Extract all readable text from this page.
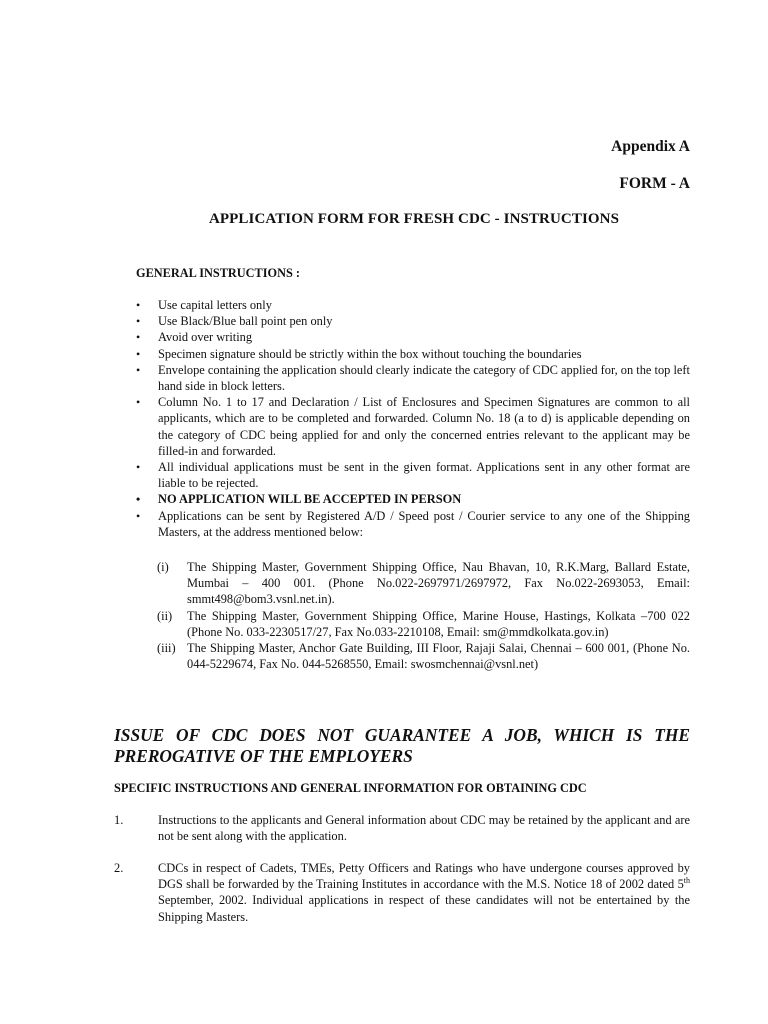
Appendix A
FORM - A
APPLICATION FORM FOR FRESH CDC - INSTRUCTIONS
GENERAL INSTRUCTIONS :
• Use capital letters only
• Use Black/Blue ball point pen only
• Avoid over writing
• Specimen signature should be strictly within the box without touching the boundaries
• Envelope containing the application should clearly indicate the category of CDC applied for, on the top left hand side in block letters.
• Column No. 1 to 17 and Declaration / List of Enclosures and Specimen Signatures are common to all applicants, which are to be completed and forwarded. Column No. 18 (a to d) is applicable depending on the category of CDC being applied for and only the concerned entries relevant to the applicant may be filled-in and forwarded.
• All individual applications must be sent in the given format. Applications sent in any other format are liable to be rejected.
• NO APPLICATION WILL BE ACCEPTED IN PERSON
• Applications can be sent by Registered A/D / Speed post / Courier service to any one of the Shipping Masters, at the address mentioned below:
(i) The Shipping Master, Government Shipping Office, Nau Bhavan, 10, R.K.Marg, Ballard Estate, Mumbai – 400 001. (Phone No.022-2697971/2697972, Fax No.022-2693053, Email: smmt498@bom3.vsnl.net.in).
(ii) The Shipping Master, Government Shipping Office, Marine House, Hastings, Kolkata –700 022 (Phone No. 033-2230517/27, Fax No.033-2210108, Email: sm@mmdkolkata.gov.in)
(iii) The Shipping Master, Anchor Gate Building, III Floor, Rajaji Salai, Chennai – 600 001, (Phone No. 044-5229674, Fax No. 044-5268550, Email: swosmchennai@vsnl.net)
ISSUE OF CDC DOES NOT GUARANTEE A JOB, WHICH IS THE PREROGATIVE OF THE EMPLOYERS
SPECIFIC INSTRUCTIONS AND GENERAL INFORMATION FOR OBTAINING CDC
1.	Instructions to the applicants and General information about CDC may be retained by the applicant and are not be sent along with the application.
2.	CDCs in respect of Cadets, TMEs, Petty Officers and Ratings who have undergone courses approved by DGS shall be forwarded by the Training Institutes in accordance with the M.S. Notice 18 of 2002 dated 5th September, 2002. Individual applications in respect of these candidates will not be entertained by the Shipping Masters.
